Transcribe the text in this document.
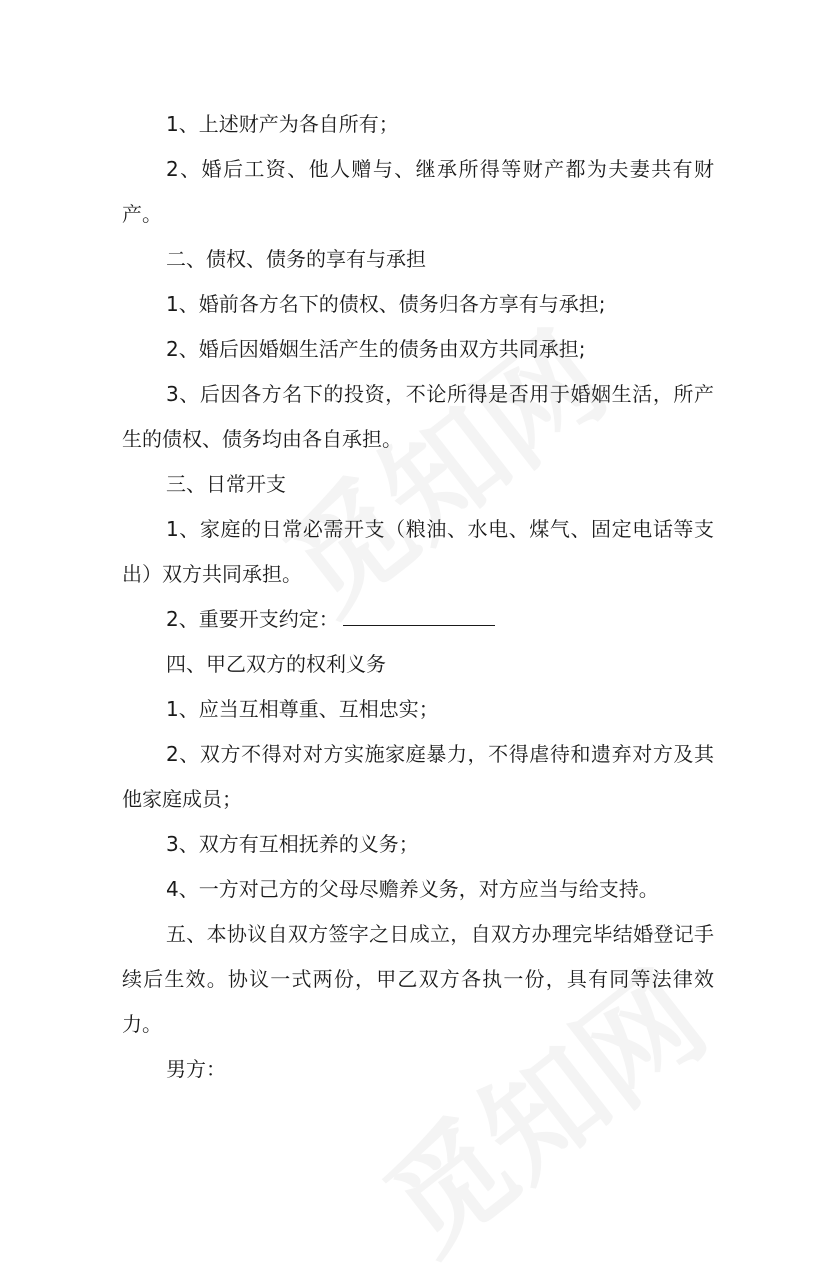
1、上述财产为各自所有；

2、婚后工资、他人赠与、继承所得等财产都为夫妻共有财产。

二、债权、债务的享有与承担

1、婚前各方名下的债权、债务归各方享有与承担;

2、婚后因婚姻生活产生的债务由双方共同承担;

3、后因各方名下的投资，不论所得是否用于婚姻生活，所产生的债权、债务均由各自承担。

三、日常开支

1、家庭的日常必需开支（粮油、水电、煤气、固定电话等支出）双方共同承担。

2、重要开支约定：

四、甲乙双方的权利义务

1、应当互相尊重、互相忠实；

2、双方不得对对方实施家庭暴力，不得虐待和遗弃对方及其他家庭成员；

3、双方有互相抚养的义务；

4、一方对己方的父母尽赡养义务，对方应当与给支持。

五、本协议自双方签字之日成立，自双方办理完毕结婚登记手续后生效。协议一式两份，甲乙双方各执一份，具有同等法律效力。

男方：
